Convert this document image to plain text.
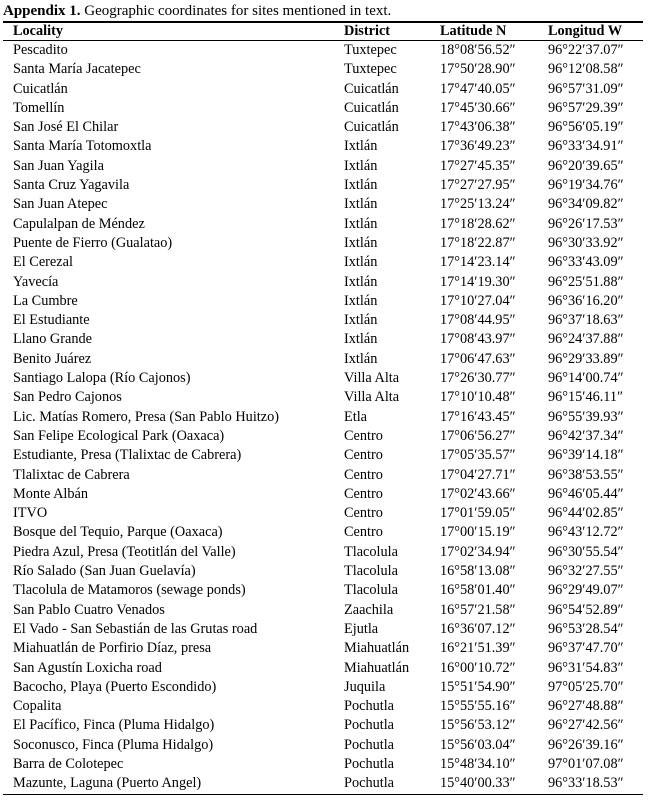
Appendix 1. Geographic coordinates for sites mentioned in text.
Locality	District	Latitude N	Longitud W
Pescadito	Tuxtepec	18°08′56.52″	96°22′37.07″
Santa María Jacatepec	Tuxtepec	17°50′28.90″	96°12′08.58″
Cuicatlán	Cuicatlán	17°47′40.05″	96°57′31.09″
Tomellín	Cuicatlán	17°45′30.66″	96°57′29.39″
San José El Chilar	Cuicatlán	17°43′06.38″	96°56′05.19″
Santa María Totomoxtla	Ixtlán	17°36′49.23″	96°33′34.91″
San Juan Yagila	Ixtlán	17°27′45.35″	96°20′39.65″
Santa Cruz Yagavila	Ixtlán	17°27′27.95″	96°19′34.76″
San Juan Atepec	Ixtlán	17°25′13.24″	96°34′09.82″
Capulalpan de Méndez	Ixtlán	17°18′28.62″	96°26′17.53″
Puente de Fierro (Gualatao)	Ixtlán	17°18′22.87″	96°30′33.92″
El Cerezal	Ixtlán	17°14′23.14″	96°33′43.09″
Yavecía	Ixtlán	17°14′19.30″	96°25′51.88″
La Cumbre	Ixtlán	17°10′27.04″	96°36′16.20″
El Estudiante	Ixtlán	17°08′44.95″	96°37′18.63″
Llano Grande	Ixtlán	17°08′43.97″	96°24′37.88″
Benito Juárez	Ixtlán	17°06′47.63″	96°29′33.89″
Santiago Lalopa (Río Cajonos)	Villa Alta	17°26′30.77″	96°14′00.74″
San Pedro Cajonos	Villa Alta	17°10′10.48″	96°15′46.11″
Lic. Matías Romero, Presa (San Pablo Huitzo)	Etla	17°16′43.45″	96°55′39.93″
San Felipe Ecological Park (Oaxaca)	Centro	17°06′56.27″	96°42′37.34″
Estudiante, Presa (Tlalixtac de Cabrera)	Centro	17°05′35.57″	96°39′14.18″
Tlalixtac de Cabrera	Centro	17°04′27.71″	96°38′53.55″
Monte Albán	Centro	17°02′43.66″	96°46′05.44″
ITVO	Centro	17°01′59.05″	96°44′02.85″
Bosque del Tequio, Parque (Oaxaca)	Centro	17°00′15.19″	96°43′12.72″
Piedra Azul, Presa (Teotitlán del Valle)	Tlacolula	17°02′34.94″	96°30′55.54″
Río Salado (San Juan Guelavía)	Tlacolula	16°58′13.08″	96°32′27.55″
Tlacolula de Matamoros (sewage ponds)	Tlacolula	16°58′01.40″	96°29′49.07″
San Pablo Cuatro Venados	Zaachila	16°57′21.58″	96°54′52.89″
El Vado - San Sebastián de las Grutas road	Ejutla	16°36′07.12″	96°53′28.54″
Miahuatlán de Porfirio Díaz, presa	Miahuatlán	16°21′51.39″	96°37′47.70″
San Agustín Loxicha road	Miahuatlán	16°00′10.72″	96°31′54.83″
Bacocho, Playa (Puerto Escondido)	Juquila	15°51′54.90″	97°05′25.70″
Copalita	Pochutla	15°55′55.16″	96°27′48.88″
El Pacífico, Finca (Pluma Hidalgo)	Pochutla	15°56′53.12″	96°27′42.56″
Soconusco, Finca (Pluma Hidalgo)	Pochutla	15°56′03.04″	96°26′39.16″
Barra de Colotepec	Pochutla	15°48′34.10″	97°01′07.08″
Mazunte, Laguna (Puerto Angel)	Pochutla	15°40′00.33″	96°33′18.53″
